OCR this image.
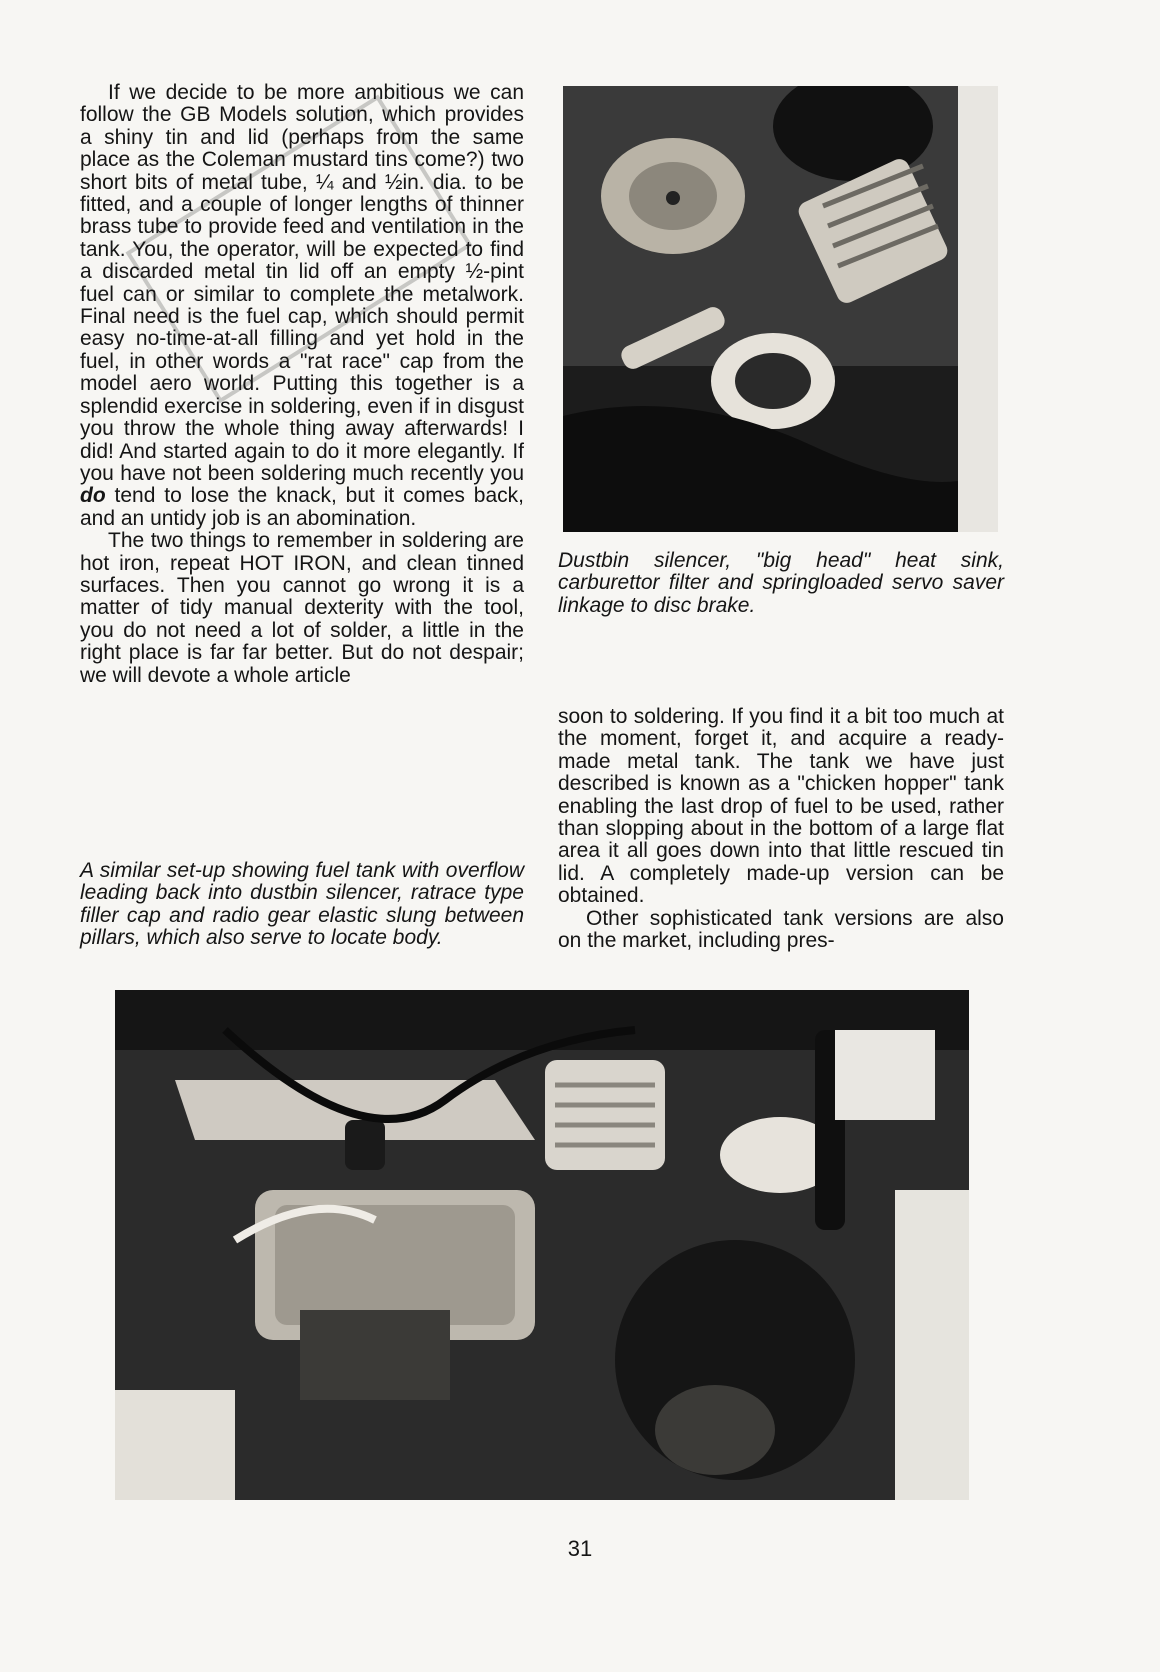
If we decide to be more ambitious we can follow the GB Models solution, which provides a shiny tin and lid (perhaps from the same place as the Coleman mustard tins come?) two short bits of metal tube, ¼ and ½in. dia. to be fitted, and a couple of longer lengths of thinner brass tube to provide feed and ventilation in the tank. You, the operator, will be expected to find a discarded metal tin lid off an empty ½-pint fuel can or similar to complete the metalwork. Final need is the fuel cap, which should permit easy no-time-at-all filling and yet hold in the fuel, in other words a "rat race" cap from the model aero world. Putting this together is a splendid exercise in soldering, even if in disgust you throw the whole thing away afterwards! I did! And started again to do it more elegantly. If you have not been soldering much recently you do tend to lose the knack, but it comes back, and an untidy job is an abomination.

The two things to remember in soldering are hot iron, repeat HOT IRON, and clean tinned surfaces. Then you cannot go wrong it is a matter of tidy manual dexterity with the tool, you do not need a lot of solder, a little in the right place is far far better. But do not despair; we will devote a whole article

A similar set-up showing fuel tank with overflow leading back into dustbin silencer, ratrace type filler cap and radio gear elastic slung between pillars, which also serve to locate body.
Dustbin silencer, "big head" heat sink, carburettor filter and springloaded servo saver linkage to disc brake.

soon to soldering. If you find it a bit too much at the moment, forget it, and acquire a ready-made metal tank. The tank we have just described is known as a "chicken hopper" tank enabling the last drop of fuel to be used, rather than slopping about in the bottom of a large flat area it all goes down into that little rescued tin lid. A completely made-up version can be obtained.

Other sophisticated tank versions are also on the market, including pres-

31
